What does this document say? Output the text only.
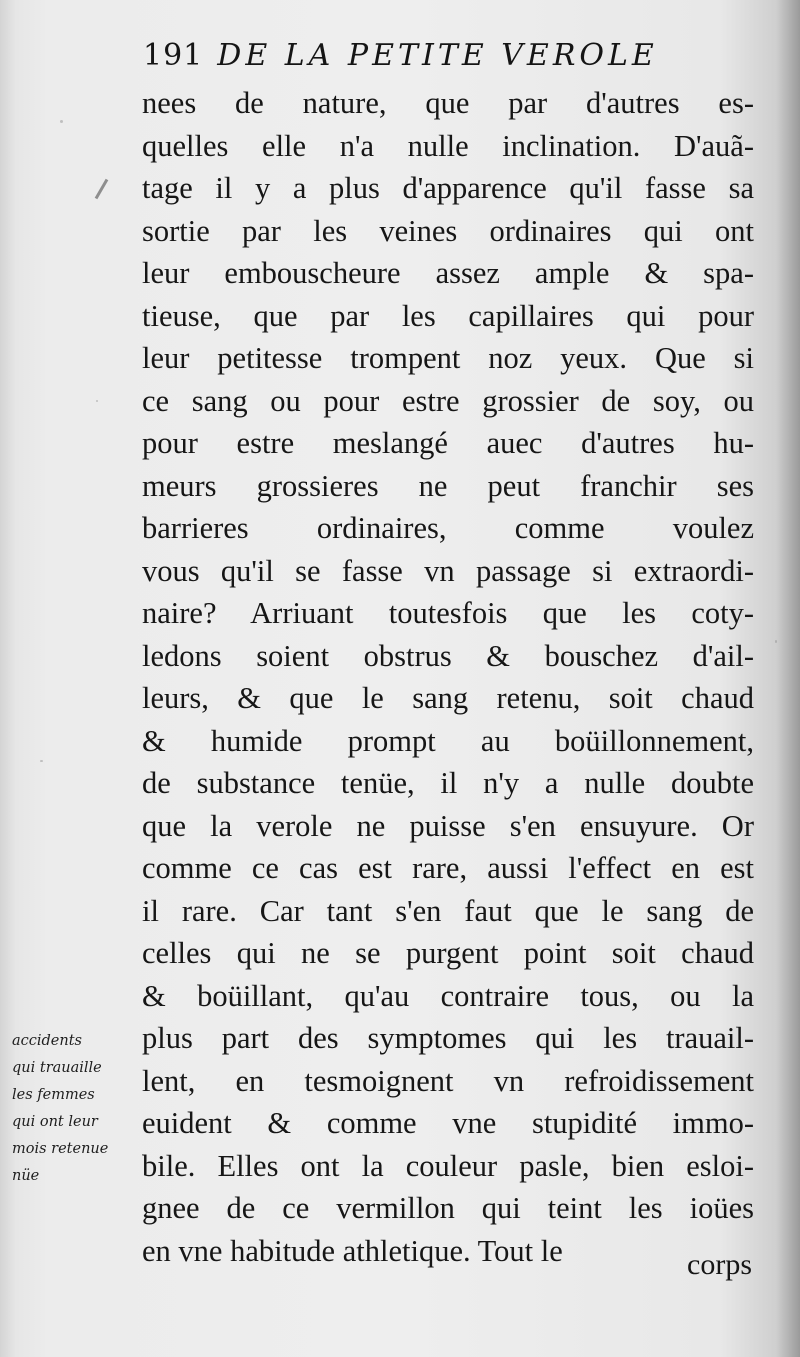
191 DE LA PETITE VEROLE
nees de nature, que par d'autres es-
quelles elle n'a nulle inclination. D'auã-
tage il y a plus d'apparence qu'il fasse sa
sortie par les veines ordinaires qui ont
leur embouscheure assez ample & spa-
tieuse, que par les capillaires qui pour
leur petitesse trompent noz yeux. Que si
ce sang ou pour estre grossier de soy, ou
pour estre meslangé auec d'autres hu-
meurs grossieres ne peut franchir ses
barrieres ordinaires, comme voulez
vous qu'il se fasse vn passage si extraordi-
naire? Arriuant toutesfois que les coty-
ledons soient obstrus & bouschez d'ail-
leurs, & que le sang retenu, soit chaud
& humide prompt au boüillonnement,
de substance tenüe, il n'y a nulle doubte
que la verole ne puisse s'en ensuyure. Or
comme ce cas est rare, aussi l'effect en est
il rare. Car tant s'en faut que le sang de
celles qui ne se purgent point soit chaud
& boüillant, qu'au contraire tous, ou la
plus part des symptomes qui les trauail-
lent, en tesmoignent vn refroidissement
euident & comme vne stupidité immo-
bile. Elles ont la couleur pasle, bien esloi-
gnee de ce vermillon qui teint les ioües
en vne habitude athletique. Tout le	corps
accidents
qui trauaille
les femmes
qui ont leur
mois retenue
nüe
